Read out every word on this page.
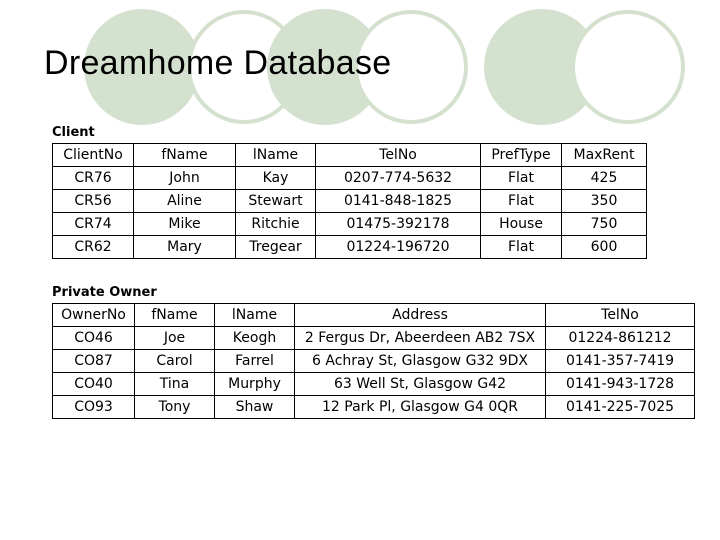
Dreamhome Database
Client
ClientNo	fName	lName	TelNo	PrefType	MaxRent
CR76	John	Kay	0207-774-5632	Flat	425
CR56	Aline	Stewart	0141-848-1825	Flat	350
CR74	Mike	Ritchie	01475-392178	House	750
CR62	Mary	Tregear	01224-196720	Flat	600
Private Owner
OwnerNo	fName	lName	Address	TelNo
CO46	Joe	Keogh	2 Fergus Dr, Abeerdeen AB2 7SX	01224-861212
CO87	Carol	Farrel	6 Achray St, Glasgow G32 9DX	0141-357-7419
CO40	Tina	Murphy	63 Well St, Glasgow G42	0141-943-1728
CO93	Tony	Shaw	12 Park Pl, Glasgow G4 0QR	0141-225-7025
